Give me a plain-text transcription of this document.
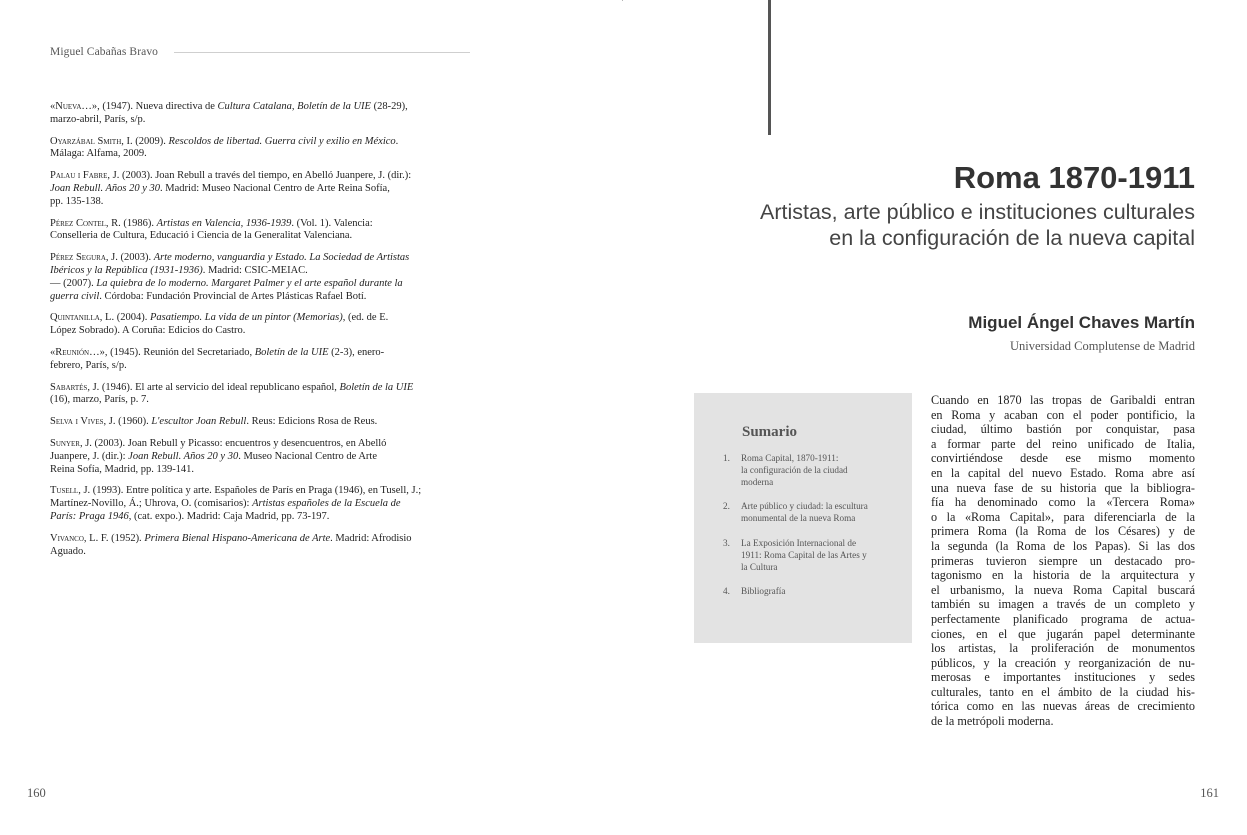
Miguel Cabañas Bravo

«Nueva…», (1947). Nueva directiva de Cultura Catalana, Boletín de la UIE (28-29),
marzo-abril, París, s/p.

Oyarzábal Smith, I. (2009). Rescoldos de libertad. Guerra civil y exilio en México.
Málaga: Alfama, 2009.

Palau i Fabre, J. (2003). Joan Rebull a través del tiempo, en Abelló Juanpere, J. (dir.):
Joan Rebull. Años 20 y 30. Madrid: Museo Nacional Centro de Arte Reina Sofía,
pp. 135-138.

Pérez Contel, R. (1986). Artistas en Valencia, 1936-1939. (Vol. 1). Valencia:
Conselleria de Cultura, Educació i Ciencia de la Generalitat Valenciana.

Pérez Segura, J. (2003). Arte moderno, vanguardia y Estado. La Sociedad de Artistas
Ibéricos y la República (1931-1936). Madrid: CSIC-MEIAC.
— (2007). La quiebra de lo moderno. Margaret Palmer y el arte español durante la
guerra civil. Córdoba: Fundación Provincial de Artes Plásticas Rafael Botí.

Quintanilla, L. (2004). Pasatiempo. La vida de un pintor (Memorias), (ed. de E.
López Sobrado). A Coruña: Edicios do Castro.

«Reunión…», (1945). Reunión del Secretariado, Boletín de la UIE (2-3), enero-
febrero, París, s/p.

Sabartés, J. (1946). El arte al servicio del ideal republicano español, Boletín de la UIE
(16), marzo, París, p. 7.

Selva i Vives, J. (1960). L'escultor Joan Rebull. Reus: Edicions Rosa de Reus.

Sunyer, J. (2003). Joan Rebull y Picasso: encuentros y desencuentros, en Abelló
Juanpere, J. (dir.): Joan Rebull. Años 20 y 30. Museo Nacional Centro de Arte
Reina Sofía, Madrid, pp. 139-141.

Tusell, J. (1993). Entre política y arte. Españoles de París en Praga (1946), en Tusell, J.;
Martínez-Novillo, Á.; Uhrova, O. (comisarios): Artistas españoles de la Escuela de
París: Praga 1946, (cat. expo.). Madrid: Caja Madrid, pp. 73-197.

Vivanco, L. F. (1952). Primera Bienal Hispano-Americana de Arte. Madrid: Afrodisio
Aguado.

160
Roma 1870-1911
Artistas, arte público e instituciones culturales
en la configuración de la nueva capital
Miguel Ángel Chaves Martín
Universidad Complutense de Madrid
Sumario
1.	Roma Capital, 1870-1911:
la configuración de la ciudad
moderna
2.	Arte público y ciudad: la escultura
monumental de la nueva Roma
3.	La Exposición Internacional de
1911: Roma Capital de las Artes y
la Cultura
4.	Bibliografía

Cuando en 1870 las tropas de Garibaldi entran
en Roma y acaban con el poder pontificio, la
ciudad, último bastión por conquistar, pasa
a formar parte del reino unificado de Italia,
convirtiéndose desde ese mismo momento
en la capital del nuevo Estado. Roma abre así
una nueva fase de su historia que la bibliogra-
fía ha denominado como la «Tercera Roma»
o la «Roma Capital», para diferenciarla de la
primera Roma (la Roma de los Césares) y de
la segunda (la Roma de los Papas). Si las dos
primeras tuvieron siempre un destacado pro-
tagonismo en la historia de la arquitectura y
el urbanismo, la nueva Roma Capital buscará
también su imagen a través de un completo y
perfectamente planificado programa de actua-
ciones, en el que jugarán papel determinante
los artistas, la proliferación de monumentos
públicos, y la creación y reorganización de nu-
merosas e importantes instituciones y sedes
culturales, tanto en el ámbito de la ciudad his-
tórica como en las nuevas áreas de crecimiento
de la metrópoli moderna.

161
